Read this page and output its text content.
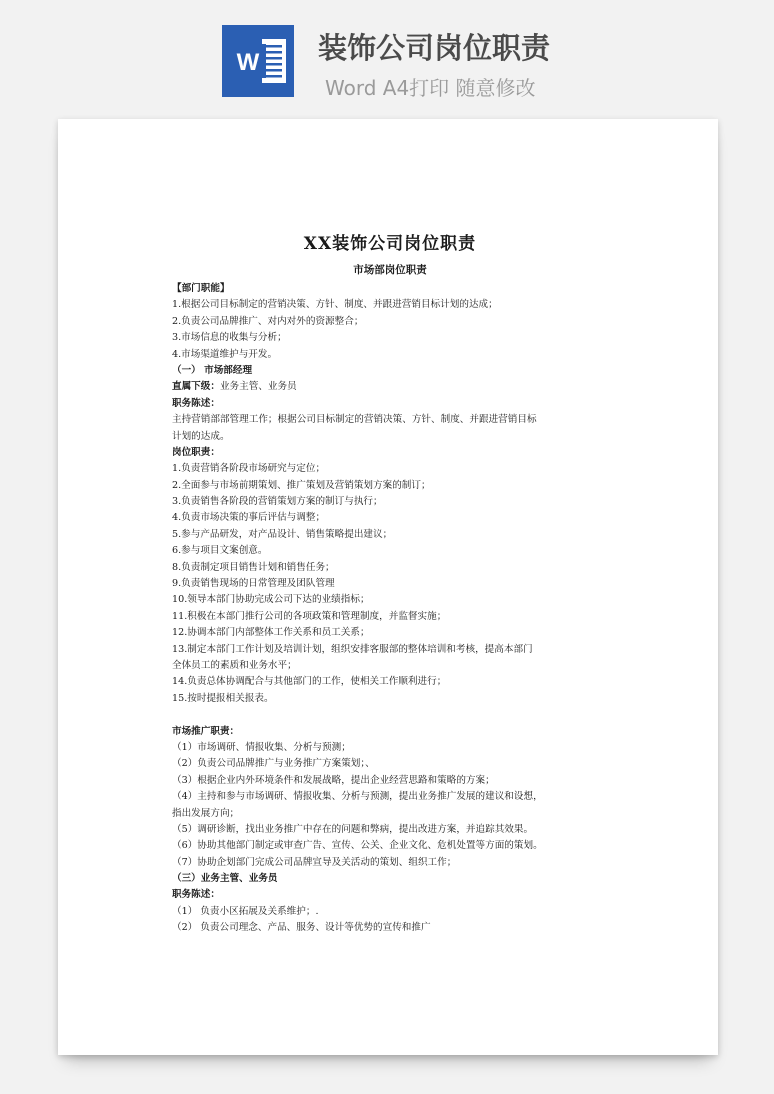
W 装饰公司岗位职责
Word A4打印 随意修改
XX装饰公司岗位职责
市场部岗位职责
【部门职能】
1.根据公司目标制定的营销决策、方针、制度、并跟进营销目标计划的达成；
2.负责公司品牌推广、对内对外的资源整合；
3.市场信息的收集与分析；
4.市场渠道维护与开发。
（一） 市场部经理
直属下级：业务主管、业务员
职务陈述：
主持营销部部管理工作；根据公司目标制定的营销决策、方针、制度、并跟进营销目标
计划的达成。
岗位职责：
1.负责营销各阶段市场研究与定位；
2.全面参与市场前期策划、推广策划及营销策划方案的制订；
3.负责销售各阶段的营销策划方案的制订与执行；
4.负责市场决策的事后评估与调整；
5.参与产品研发，对产品设计、销售策略提出建议；
6.参与项目文案创意。
8.负责制定项目销售计划和销售任务；
9.负责销售现场的日常管理及团队管理
10.领导本部门协助完成公司下达的业绩指标；
11.积极在本部门推行公司的各项政策和管理制度，并监督实施；
12.协调本部门内部整体工作关系和员工关系；
13.制定本部门工作计划及培训计划，组织安排客服部的整体培训和考核，提高本部门
全体员工的素质和业务水平；
14.负责总体协调配合与其他部门的工作，使相关工作顺利进行；
15.按时提报相关报表。
市场推广职责：
（1）市场调研、情报收集、分析与预测；
（2）负责公司品牌推广与业务推广方案策划；、
（3）根据企业内外环境条件和发展战略，提出企业经营思路和策略的方案；
（4）主持和参与市场调研、情报收集、分析与预测，提出业务推广发展的建议和设想，
指出发展方向；
（5）调研诊断，找出业务推广中存在的问题和弊病，提出改进方案，并追踪其效果。
（6）协助其他部门制定或审查广告、宣传、公关、企业文化、危机处置等方面的策划。
（7）协助企划部门完成公司品牌宣导及关活动的策划、组织工作；
（三）业务主管、业务员
职务陈述：
（1） 负责小区拓展及关系维护；.
（2） 负责公司理念、产品、服务、设计等优势的宣传和推广
